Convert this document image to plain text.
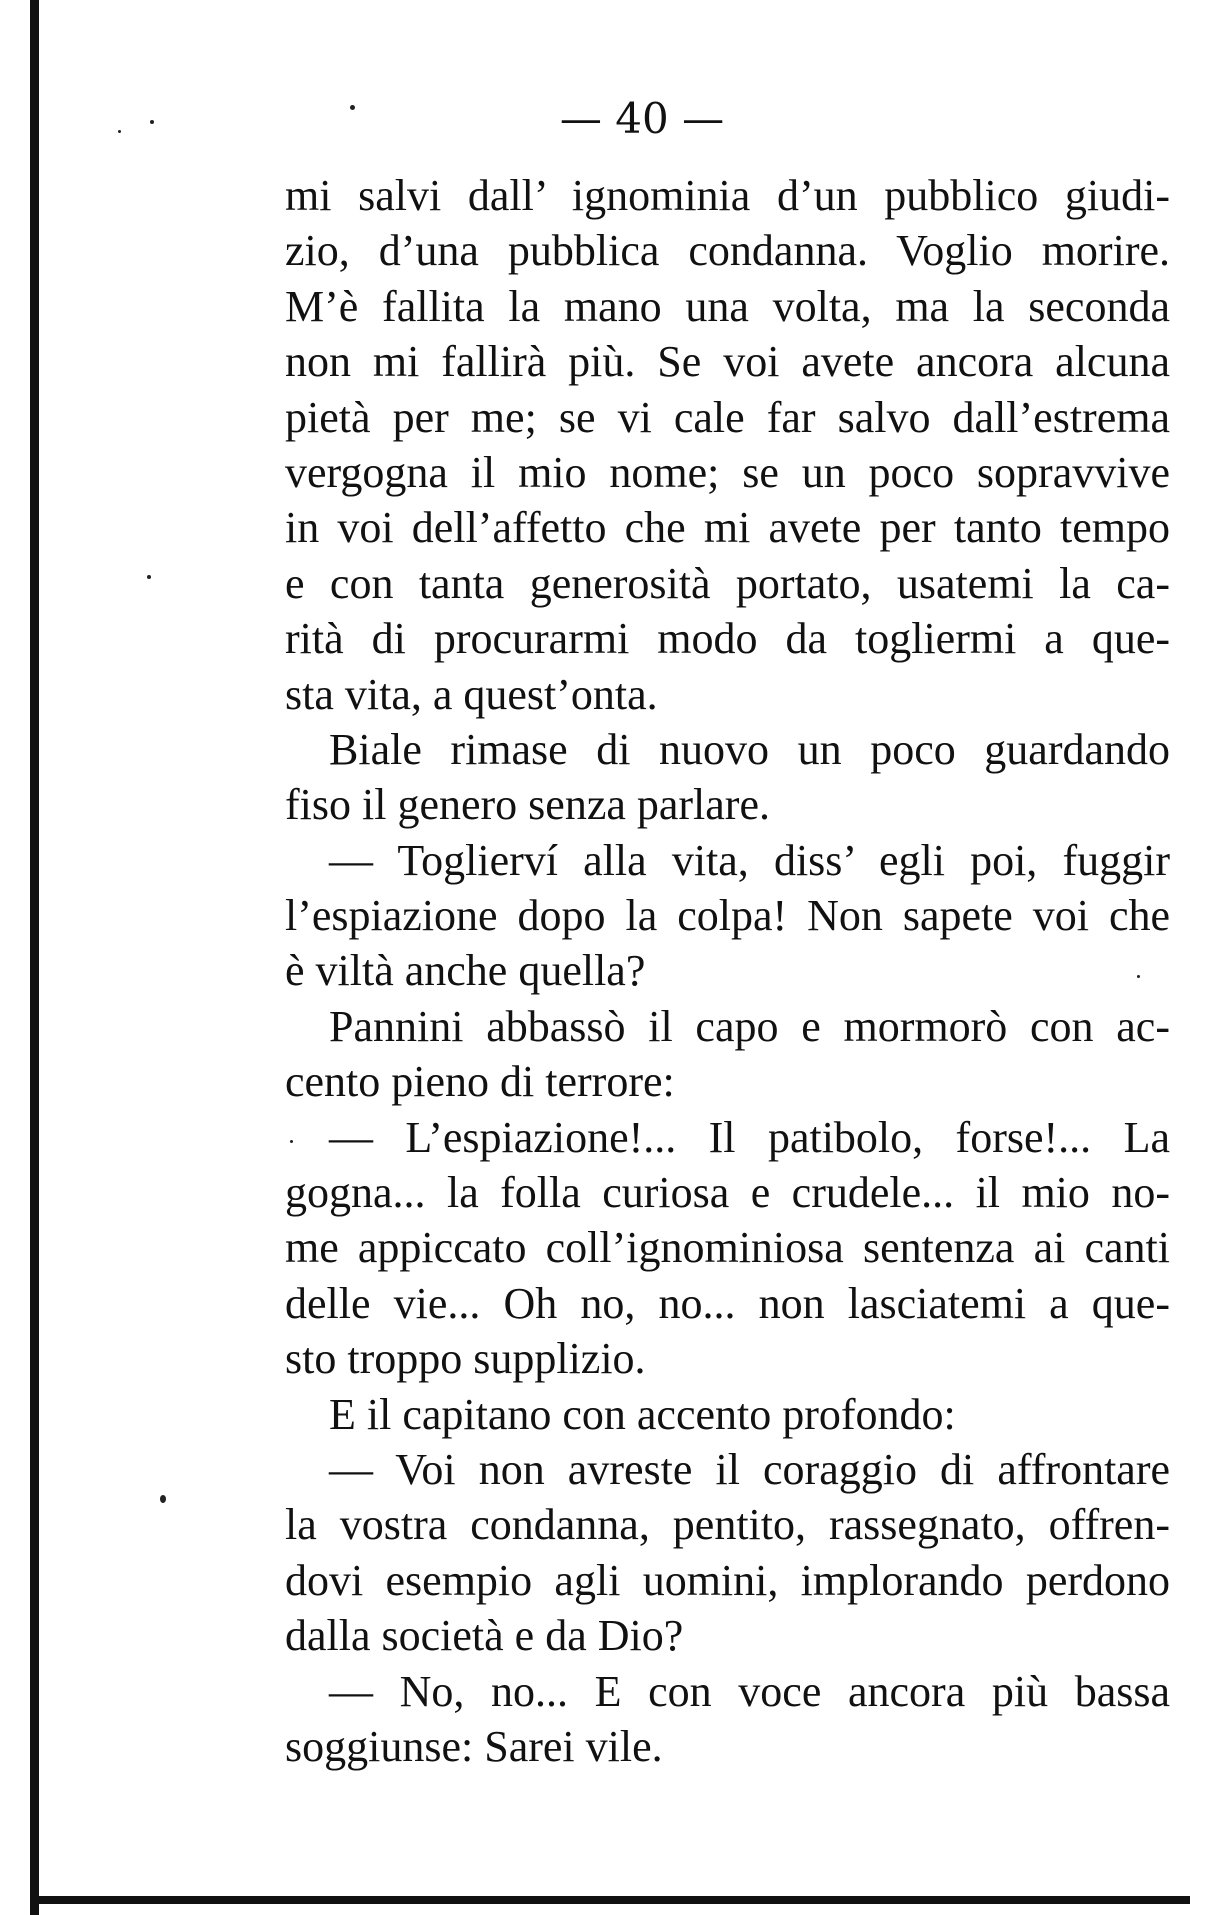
— 40 —
mi salvi dall’ ignominia d’un pubblico giudi-
zio, d’una pubblica condanna. Voglio morire.
M’è fallita la mano una volta, ma la seconda
non mi fallirà più. Se voi avete ancora alcuna
pietà per me; se vi cale far salvo dall’estrema
vergogna il mio nome; se un poco sopravvive
in voi dell’affetto che mi avete per tanto tempo
e con tanta generosità portato, usatemi la ca-
rità di procurarmi modo da togliermi a que-
sta vita, a quest’onta.
Biale rimase di nuovo un poco guardando
fiso il genero senza parlare.
— Toglierví alla vita, diss’ egli poi, fuggir
l’espiazione dopo la colpa! Non sapete voi che
è viltà anche quella?
Pannini abbassò il capo e mormorò con ac-
cento pieno di terrore:
— L’espiazione!... Il patibolo, forse!... La
gogna... la folla curiosa e crudele... il mio no-
me appiccato coll’ignominiosa sentenza ai canti
delle vie... Oh no, no... non lasciatemi a que-
sto troppo supplizio.
E il capitano con accento profondo:
— Voi non avreste il coraggio di affrontare
la vostra condanna, pentito, rassegnato, offren-
dovi esempio agli uomini, implorando perdono
dalla società e da Dio?
— No, no... E con voce ancora più bassa
soggiunse: Sarei vile.
